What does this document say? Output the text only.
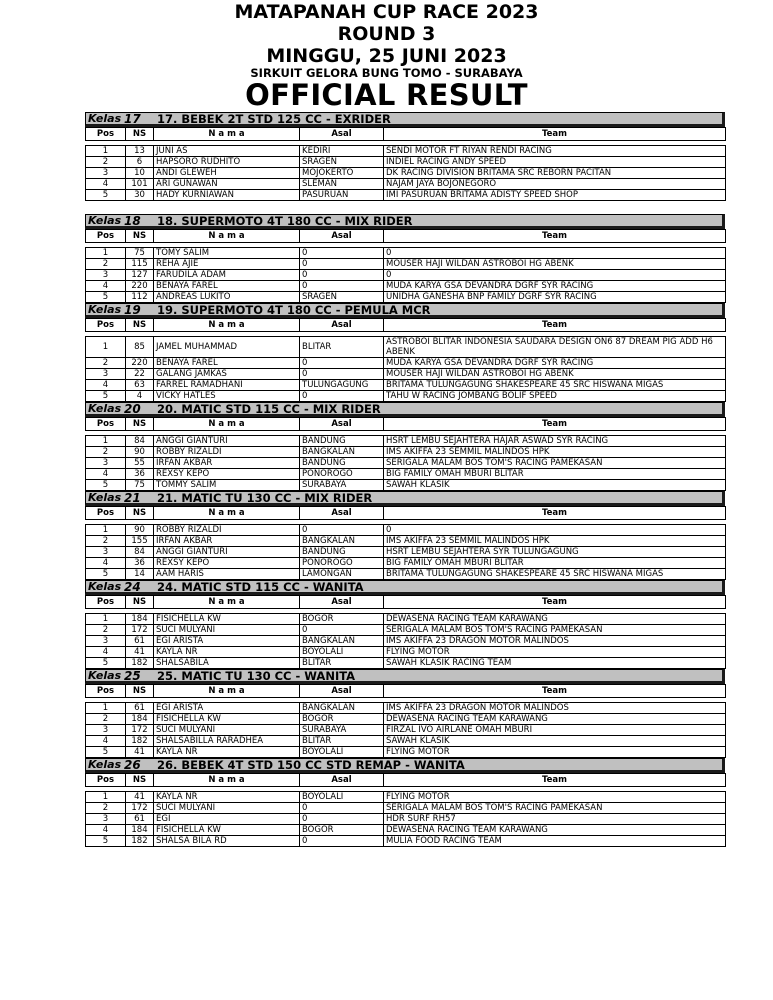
MATAPANAH CUP RACE 2023
ROUND 3
MINGGU, 25 JUNI 2023
SIRKUIT GELORA BUNG TOMO - SURABAYA
OFFICIAL RESULT
Kelas 17 17. BEBEK 2T STD 125 CC - EXRIDER
Pos	NS	N a m a	Asal	Team

1	13	JUNI AS	KEDIRI	SENDI MOTOR FT RIYAN RENDI RACING
2	6	HAPSORO RUDHITO	SRAGEN	INDIEL RACING ANDY SPEED
3	10	ANDI GLEWEH	MOJOKERTO	DK RACING DIVISION BRITAMA SRC REBORN PACITAN
4	101	ARI GUNAWAN	SLEMAN	NAJAM JAYA BOJONEGORO
5	30	HADY KURNIAWAN	PASURUAN	IMI PASURUAN BRITAMA ADISTY SPEED SHOP
Kelas 18 18. SUPERMOTO 4T 180 CC - MIX RIDER
Pos	NS	N a m a	Asal	Team

1	75	TOMY SALIM	0	0
2	115	REHA AJIE	0	MOUSER HAJI WILDAN ASTROBOI HG ABENK
3	127	FARUDILA ADAM	0	0
4	220	BENAYA FAREL	0	MUDA KARYA GSA DEVANDRA DGRF SYR RACING
5	112	ANDREAS LUKITO	SRAGEN	UNIDHA GANESHA BNP FAMILY DGRF SYR RACING
Kelas 19 19. SUPERMOTO 4T 180 CC - PEMULA MCR
Pos	NS	N a m a	Asal	Team

1	85	JAMEL MUHAMMAD	BLITAR	ASTROBOI BLITAR INDONESIA SAUDARA DESIGN ON6 87 DREAM PIG ADD H6 ABENK
2	220	BENAYA FAREL	0	MUDA KARYA GSA DEVANDRA DGRF SYR RACING
3	22	GALANG JAMKAS	0	MOUSER HAJI WILDAN ASTROBOI HG ABENK
4	63	FARREL RAMADHANI	TULUNGAGUNG	BRITAMA TULUNGAGUNG SHAKESPEARE 45 SRC HISWANA MIGAS
5	4	VICKY HATLES	0	TAHU W RACING JOMBANG BOLIF SPEED
Kelas 20 20. MATIC STD 115 CC - MIX RIDER
Pos	NS	N a m a	Asal	Team

1	84	ANGGI GIANTURI	BANDUNG	HSRT LEMBU SEJAHTERA HAJAR ASWAD SYR RACING
2	90	ROBBY RIZALDI	BANGKALAN	IMS AKIFFA 23 SEMMIL MALINDOS HPK
3	55	IRFAN AKBAR	BANDUNG	SERIGALA MALAM BOS TOM'S RACING PAMEKASAN
4	36	REXSY KEPO	PONOROGO	BIG FAMILY OMAH MBURI BLITAR
5	75	TOMMY SALIM	SURABAYA	SAWAH KLASIK
Kelas 21 21. MATIC TU 130 CC - MIX RIDER
Pos	NS	N a m a	Asal	Team

1	90	ROBBY RIZALDI	0	0
2	155	IRFAN AKBAR	BANGKALAN	IMS AKIFFA 23 SEMMIL MALINDOS HPK
3	84	ANGGI GIANTURI	BANDUNG	HSRT LEMBU SEJAHTERA SYR TULUNGAGUNG
4	36	REXSY KEPO	PONOROGO	BIG FAMILY OMAH MBURI BLITAR
5	14	AAM HARIS	LAMONGAN	BRITAMA TULUNGAGUNG SHAKESPEARE 45 SRC HISWANA MIGAS
Kelas 24 24. MATIC STD 115 CC - WANITA
Pos	NS	N a m a	Asal	Team

1	184	FISICHELLA KW	BOGOR	DEWASENA RACING TEAM KARAWANG
2	172	SUCI MULYANI	0	SERIGALA MALAM BOS TOM'S RACING PAMEKASAN
3	61	EGI ARISTA	BANGKALAN	IMS AKIFFA 23 DRAGON MOTOR MALINDOS
4	41	KAYLA NR	BOYOLALI	FLYING MOTOR
5	182	SHALSABILA	BLITAR	SAWAH KLASIK RACING TEAM
Kelas 25 25. MATIC TU 130 CC - WANITA
Pos	NS	N a m a	Asal	Team

1	61	EGI ARISTA	BANGKALAN	IMS AKIFFA 23 DRAGON MOTOR MALINDOS
2	184	FISICHELLA KW	BOGOR	DEWASENA RACING TEAM KARAWANG
3	172	SUCI MULYANI	SURABAYA	FIRZAL IVO AIRLANE OMAH MBURI
4	182	SHALSABILLA RARADHEA	BLITAR	SAWAH KLASIK
5	41	KAYLA NR	BOYOLALI	FLYING MOTOR
Kelas 26 26. BEBEK 4T STD 150 CC STD REMAP - WANITA
Pos	NS	N a m a	Asal	Team

1	41	KAYLA NR	BOYOLALI	FLYING MOTOR
2	172	SUCI MULYANI	0	SERIGALA MALAM BOS TOM'S RACING PAMEKASAN
3	61	EGI	0	HDR SURF RH57
4	184	FISICHELLA KW	BOGOR	DEWASENA RACING TEAM KARAWANG
5	182	SHALSA BILA RD	0	MULIA FOOD RACING TEAM
